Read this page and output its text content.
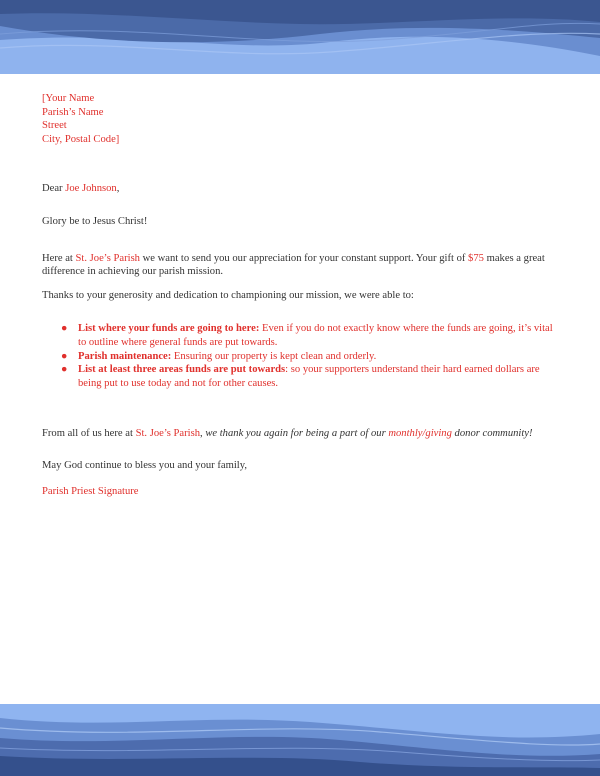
[Your Name
Parish’s Name
Street
City, Postal Code]

Dear Joe Johnson,

Glory be to Jesus Christ!

Here at St. Joe’s Parish we want to send you our appreciation for your constant support. Your gift of $75 makes a great difference in achieving our parish mission.

Thanks to your generosity and dedication to championing our mission, we were able to:

● List where your funds are going to here: Even if you do not exactly know where the funds are going, it’s vital to outline where general funds are put towards.
● Parish maintenance: Ensuring our property is kept clean and orderly.
● List at least three areas funds are put towards: so your supporters understand their hard earned dollars are being put to use today and not for other causes.

From all of us here at St. Joe’s Parish, we thank you again for being a part of our monthly/giving donor community!

May God continue to bless you and your family,

Parish Priest Signature
